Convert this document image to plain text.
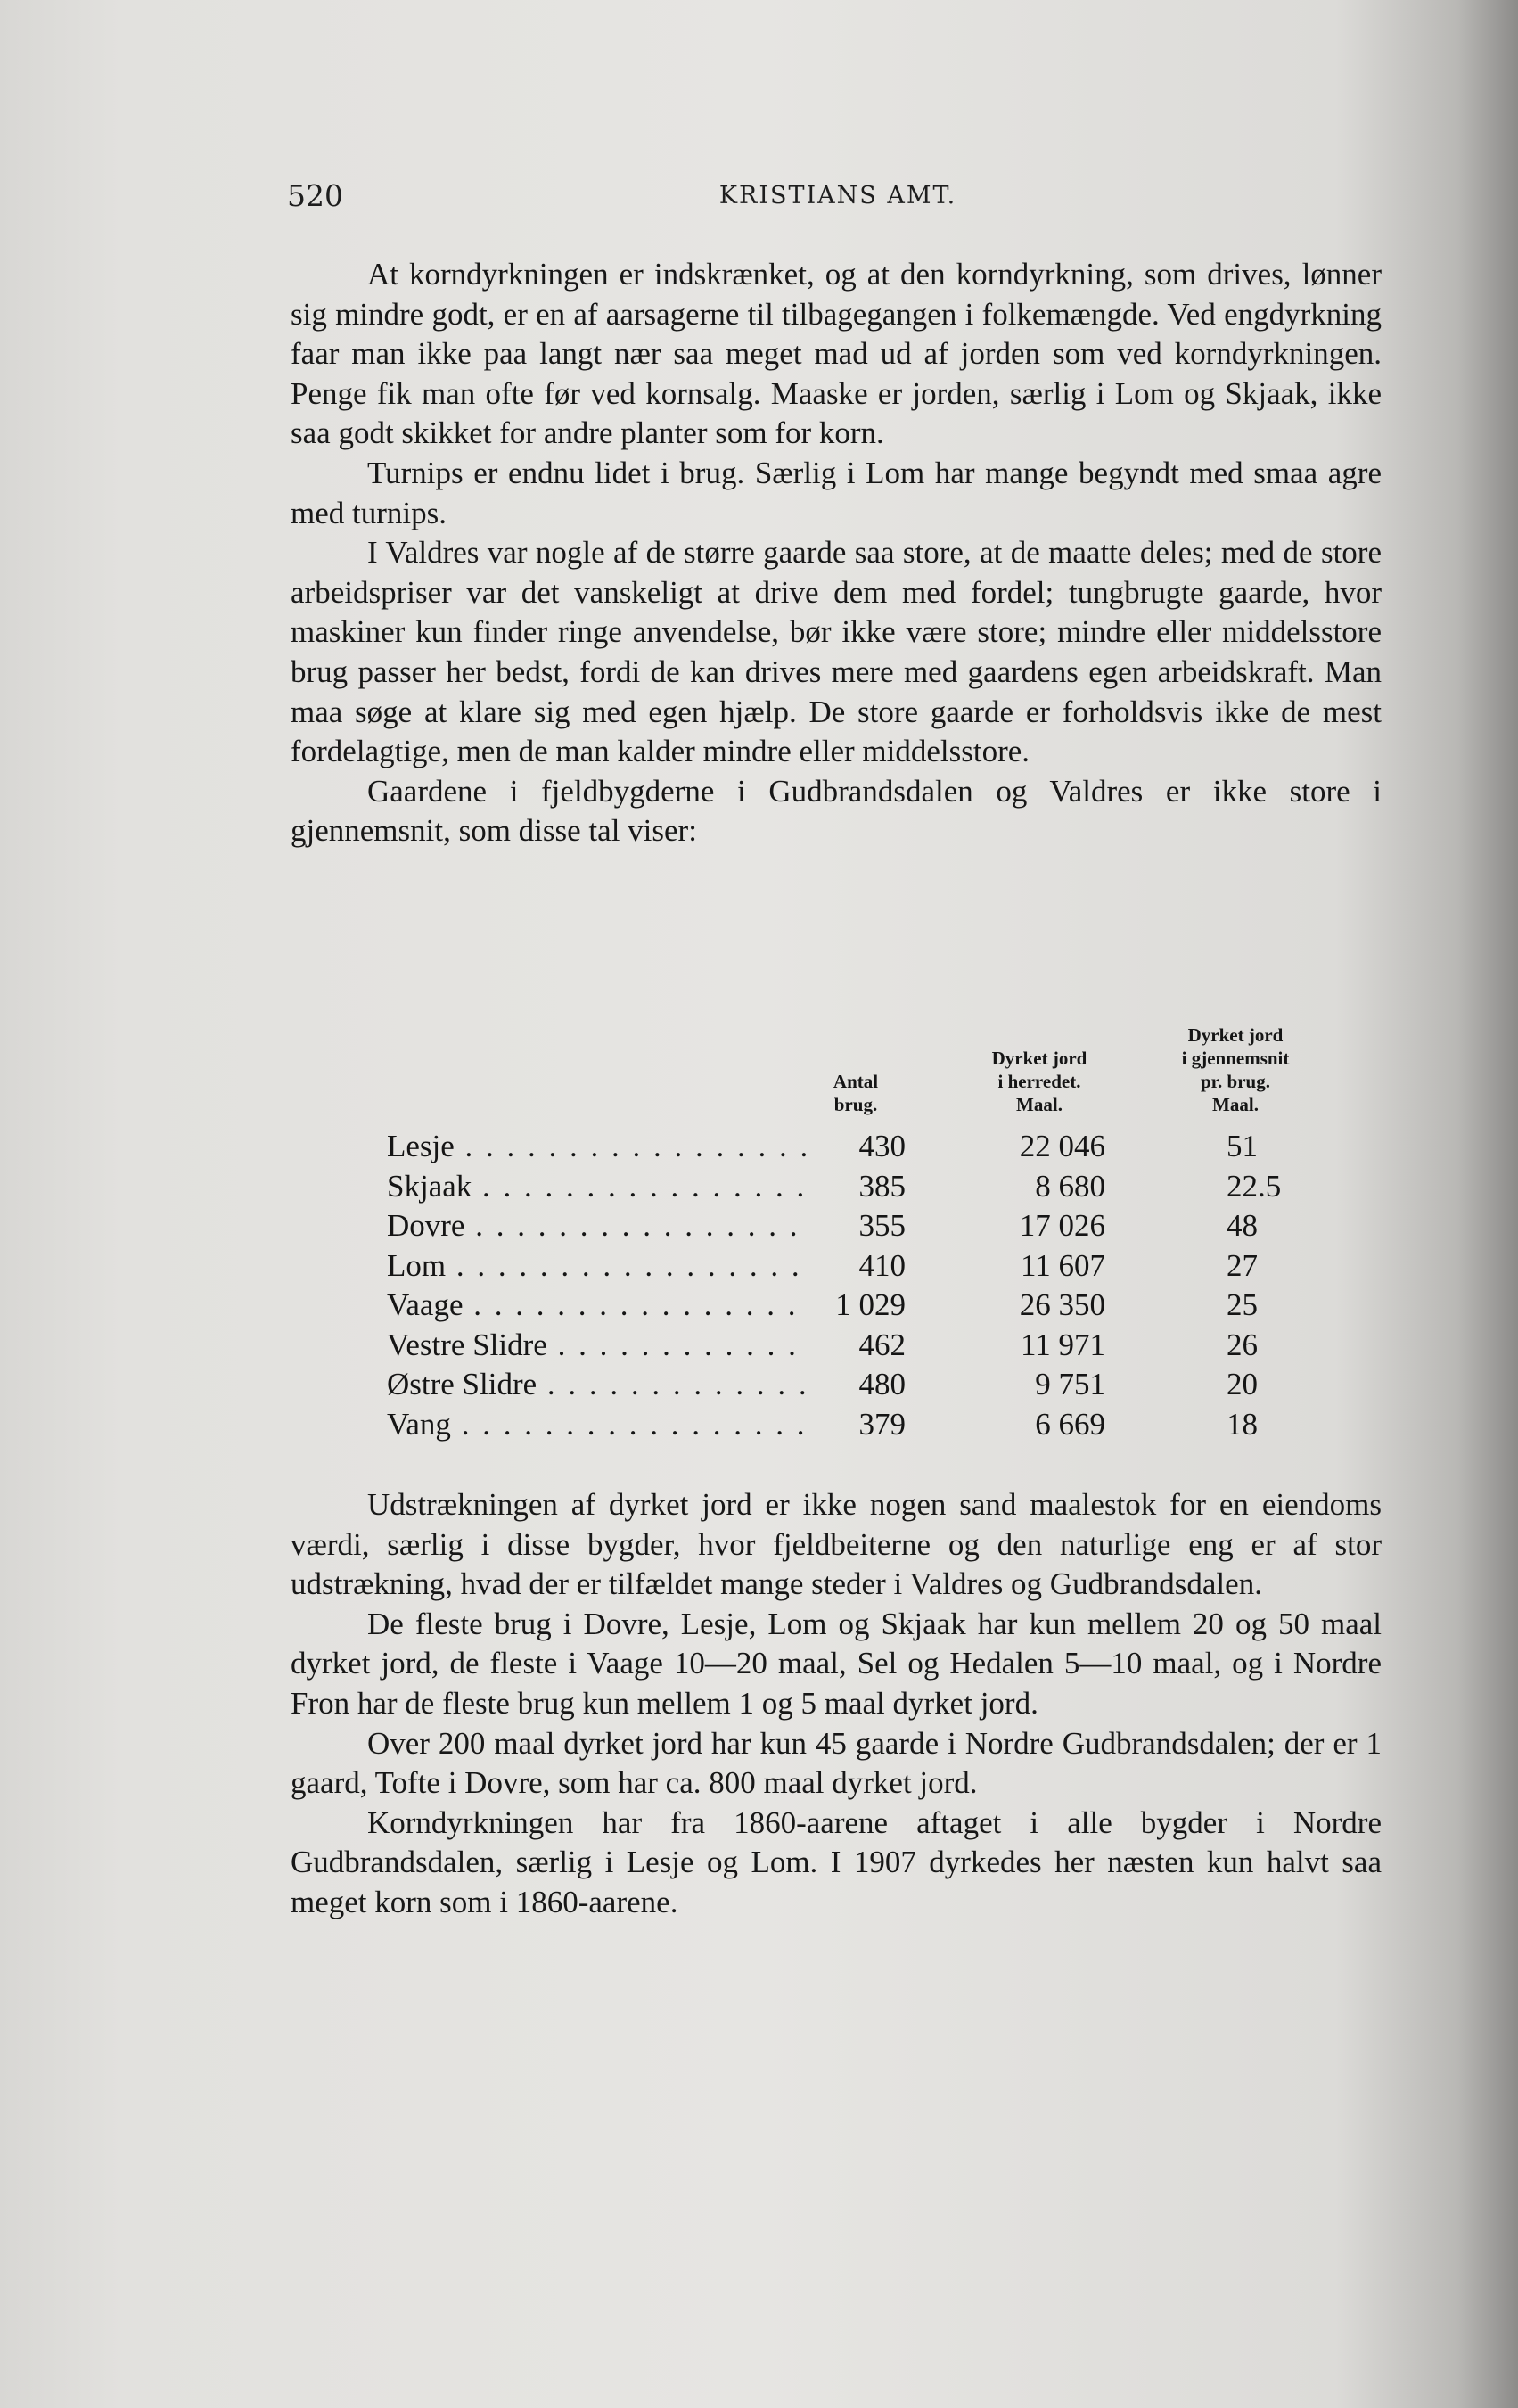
520	KRISTIANS AMT.

At korndyrkningen er indskrænket, og at den korndyrkning, som drives, lønner sig mindre godt, er en af aarsagerne til tilbagegangen i folkemængde. Ved engdyrkning faar man ikke paa langt nær saa meget mad ud af jorden som ved korndyrkningen. Penge fik man ofte før ved kornsalg. Maaske er jorden, særlig i Lom og Skjaak, ikke saa godt skikket for andre planter som for korn.

Turnips er endnu lidet i brug. Særlig i Lom har mange begyndt med smaa agre med turnips.

I Valdres var nogle af de større gaarde saa store, at de maatte deles; med de store arbeidspriser var det vanskeligt at drive dem med fordel; tungbrugte gaarde, hvor maskiner kun finder ringe anvendelse, bør ikke være store; mindre eller middelsstore brug passer her bedst, fordi de kan drives mere med gaardens egen arbeidskraft. Man maa søge at klare sig med egen hjælp. De store gaarde er forholdsvis ikke de mest fordelagtige, men de man kalder mindre eller middelsstore.

Gaardene i fjeldbygderne i Gudbrandsdalen og Valdres er ikke store i gjennemsnit, som disse tal viser:

Antal
brug.
Dyrket jord
i herredet.
Maal.
Dyrket jord
i gjennemsnit
pr. brug.
Maal.
Lesje . . .	430	22 046	51
Skjaak . . .	385	8 680	22.5
Dovre . . .	355	17 026	48
Lom . . .	410	11 607	27
Vaage . . .	1 029	26 350	25
Vestre Slidre . . .	462	11 971	26
Østre Slidre . . .	480	9 751	20
Vang . . .	379	6 669	18

Udstrækningen af dyrket jord er ikke nogen sand maalestok for en eiendoms værdi, særlig i disse bygder, hvor fjeldbeiterne og den naturlige eng er af stor udstrækning, hvad der er tilfældet mange steder i Valdres og Gudbrandsdalen.

De fleste brug i Dovre, Lesje, Lom og Skjaak har kun mellem 20 og 50 maal dyrket jord, de fleste i Vaage 10—20 maal, Sel og Hedalen 5—10 maal, og i Nordre Fron har de fleste brug kun mellem 1 og 5 maal dyrket jord.

Over 200 maal dyrket jord har kun 45 gaarde i Nordre Gudbrandsdalen; der er 1 gaard, Tofte i Dovre, som har ca. 800 maal dyrket jord.

Korndyrkningen har fra 1860-aarene aftaget i alle bygder i Nordre Gudbrandsdalen, særlig i Lesje og Lom. I 1907 dyrkedes her næsten kun halvt saa meget korn som i 1860-aarene.
